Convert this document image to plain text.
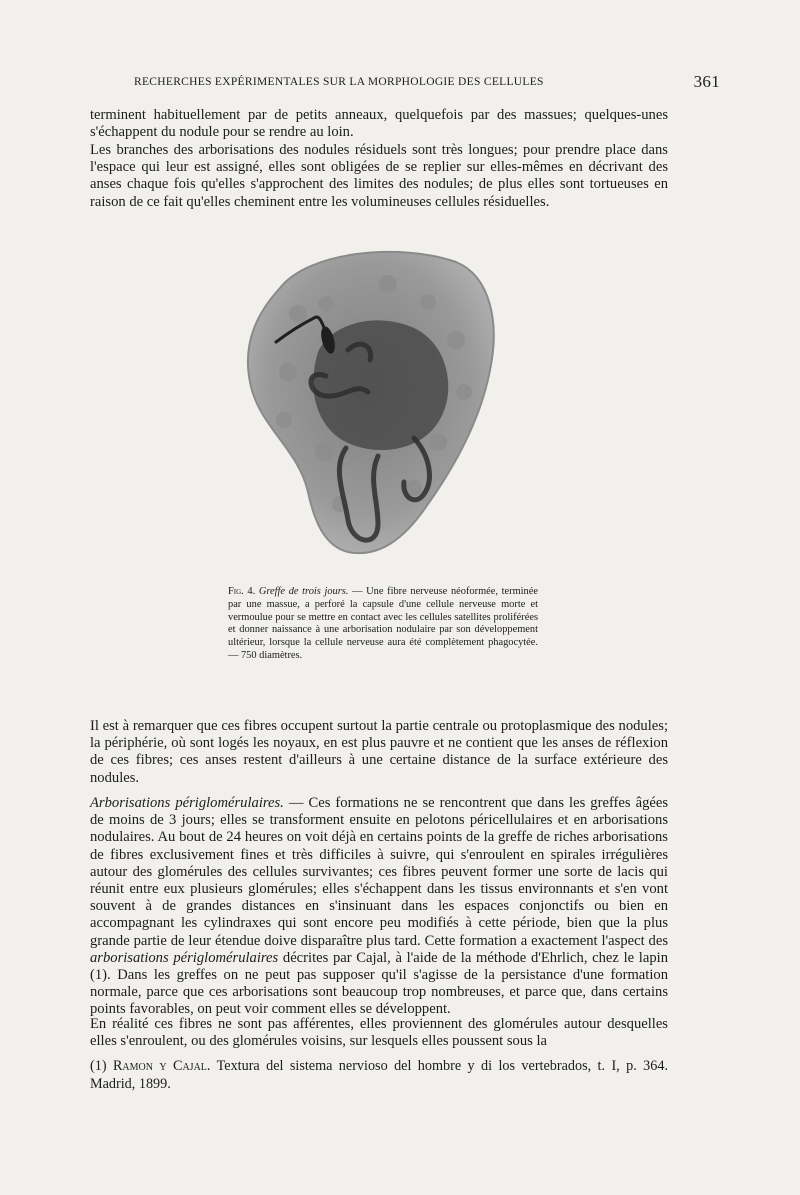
RECHERCHES EXPÉRIMENTALES SUR LA MORPHOLOGIE DES CELLULES	361

terminent habituellement par de petits anneaux, quelquefois par des massues; quelques-unes s'échappent du nodule pour se rendre au loin.

Les branches des arborisations des nodules résiduels sont très longues; pour prendre place dans l'espace qui leur est assigné, elles sont obligées de se replier sur elles-mêmes en décrivant des anses chaque fois qu'elles s'approchent des limites des nodules; de plus elles sont tortueuses en raison de ce fait qu'elles cheminent entre les volumineuses cellules résiduelles.

Fig. 4. Greffe de trois jours. — Une fibre nerveuse néoformée, terminée par une massue, a perforé la capsule d'une cellule nerveuse morte et vermoulue pour se mettre en contact avec les cellules satellites proliférées et donner naissance à une arborisation nodulaire par son développement ultérieur, lorsque la cellule nerveuse aura été complètement phagocytée. — 750 diamètres.

Il est à remarquer que ces fibres occupent surtout la partie centrale ou protoplasmique des nodules; la périphérie, où sont logés les noyaux, en est plus pauvre et ne contient que les anses de réflexion de ces fibres; ces anses restent d'ailleurs à une certaine distance de la surface extérieure des nodules.

Arborisations périglomérulaires. — Ces formations ne se rencontrent que dans les greffes âgées de moins de 3 jours; elles se transforment ensuite en pelotons péricellulaires et en arborisations nodulaires. Au bout de 24 heures on voit déjà en certains points de la greffe de riches arborisations de fibres exclusivement fines et très difficiles à suivre, qui s'enroulent en spirales irrégulières autour des glomérules des cellules survivantes; ces fibres peuvent former une sorte de lacis qui réunit entre eux plusieurs glomérules; elles s'échappent dans les tissus environnants et s'en vont souvent à de grandes distances en s'insinuant dans les espaces conjonctifs ou bien en accompagnant les cylindraxes qui sont encore peu modifiés à cette période, bien que la plus grande partie de leur étendue doive disparaître plus tard. Cette formation a exactement l'aspect des arborisations périglomérulaires décrites par Cajal, à l'aide de la méthode d'Ehrlich, chez le lapin (1). Dans les greffes on ne peut pas supposer qu'il s'agisse de la persistance d'une formation normale, parce que ces arborisations sont beaucoup trop nombreuses, et parce que, dans certains points favorables, on peut voir comment elles se développent.

En réalité ces fibres ne sont pas afférentes, elles proviennent des glomérules autour desquelles elles s'enroulent, ou des glomérules voisins, sur lesquels elles poussent sous la

(1) Ramon y Cajal. Textura del sistema nervioso del hombre y di los vertebrados, t. I, p. 364. Madrid, 1899.
